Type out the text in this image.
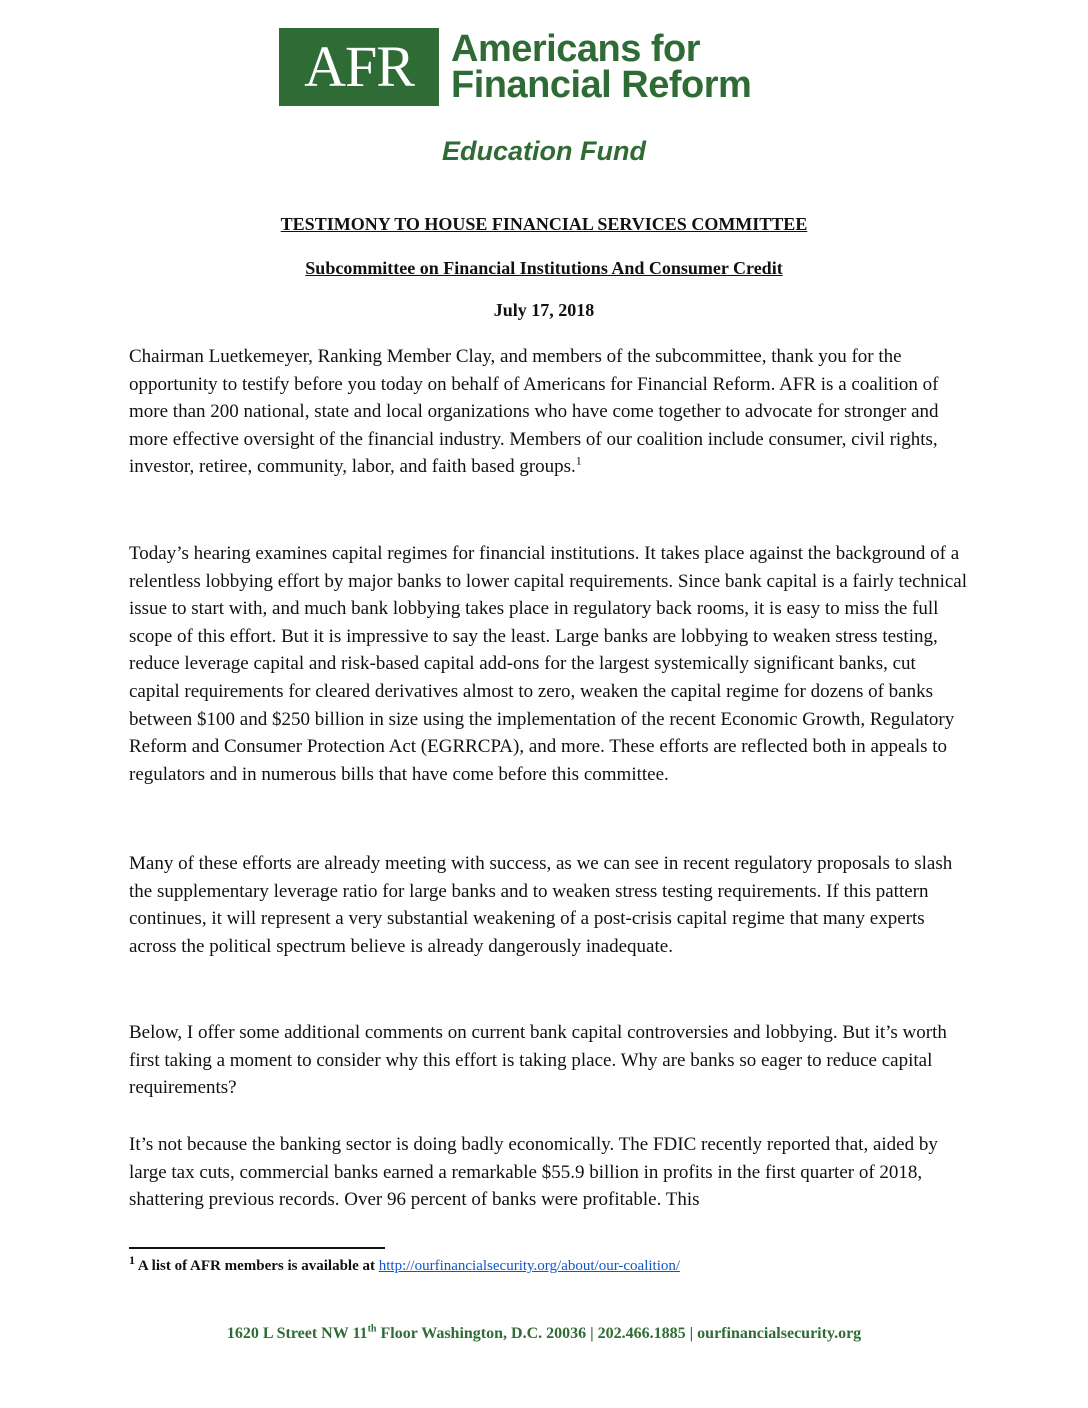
AFR Americans for
Financial Reform
Education Fund
TESTIMONY TO HOUSE FINANCIAL SERVICES COMMITTEE
Subcommittee on Financial Institutions And Consumer Credit
July 17, 2018

Chairman Luetkemeyer, Ranking Member Clay, and members of the subcommittee, thank you for the opportunity to testify before you today on behalf of Americans for Financial Reform. AFR is a coalition of more than 200 national, state and local organizations who have come together to advocate for stronger and more effective oversight of the financial industry. Members of our coalition include consumer, civil rights, investor, retiree, community, labor, and faith based groups.$^1$

Today’s hearing examines capital regimes for financial institutions. It takes place against the background of a relentless lobbying effort by major banks to lower capital requirements. Since bank capital is a fairly technical issue to start with, and much bank lobbying takes place in regulatory back rooms, it is easy to miss the full scope of this effort. But it is impressive to say the least. Large banks are lobbying to weaken stress testing, reduce leverage capital and risk-based capital add-ons for the largest systemically significant banks, cut capital requirements for cleared derivatives almost to zero, weaken the capital regime for dozens of banks between $100 and $250 billion in size using the implementation of the recent Economic Growth, Regulatory Reform and Consumer Protection Act (EGRRCPA), and more. These efforts are reflected both in appeals to regulators and in numerous bills that have come before this committee.

Many of these efforts are already meeting with success, as we can see in recent regulatory proposals to slash the supplementary leverage ratio for large banks and to weaken stress testing requirements. If this pattern continues, it will represent a very substantial weakening of a post-crisis capital regime that many experts across the political spectrum believe is already dangerously inadequate.

Below, I offer some additional comments on current bank capital controversies and lobbying. But it’s worth first taking a moment to consider why this effort is taking place. Why are banks so eager to reduce capital requirements?

It’s not because the banking sector is doing badly economically. The FDIC recently reported that, aided by large tax cuts, commercial banks earned a remarkable $55.9 billion in profits in the first quarter of 2018, shattering previous records. Over 96 percent of banks were profitable. This

$^1$ A list of AFR members is available at http://ourfinancialsecurity.org/about/our-coalition/
1620 L Street NW 11th Floor Washington, D.C. 20036 | 202.466.1885 | ourfinancialsecurity.org
